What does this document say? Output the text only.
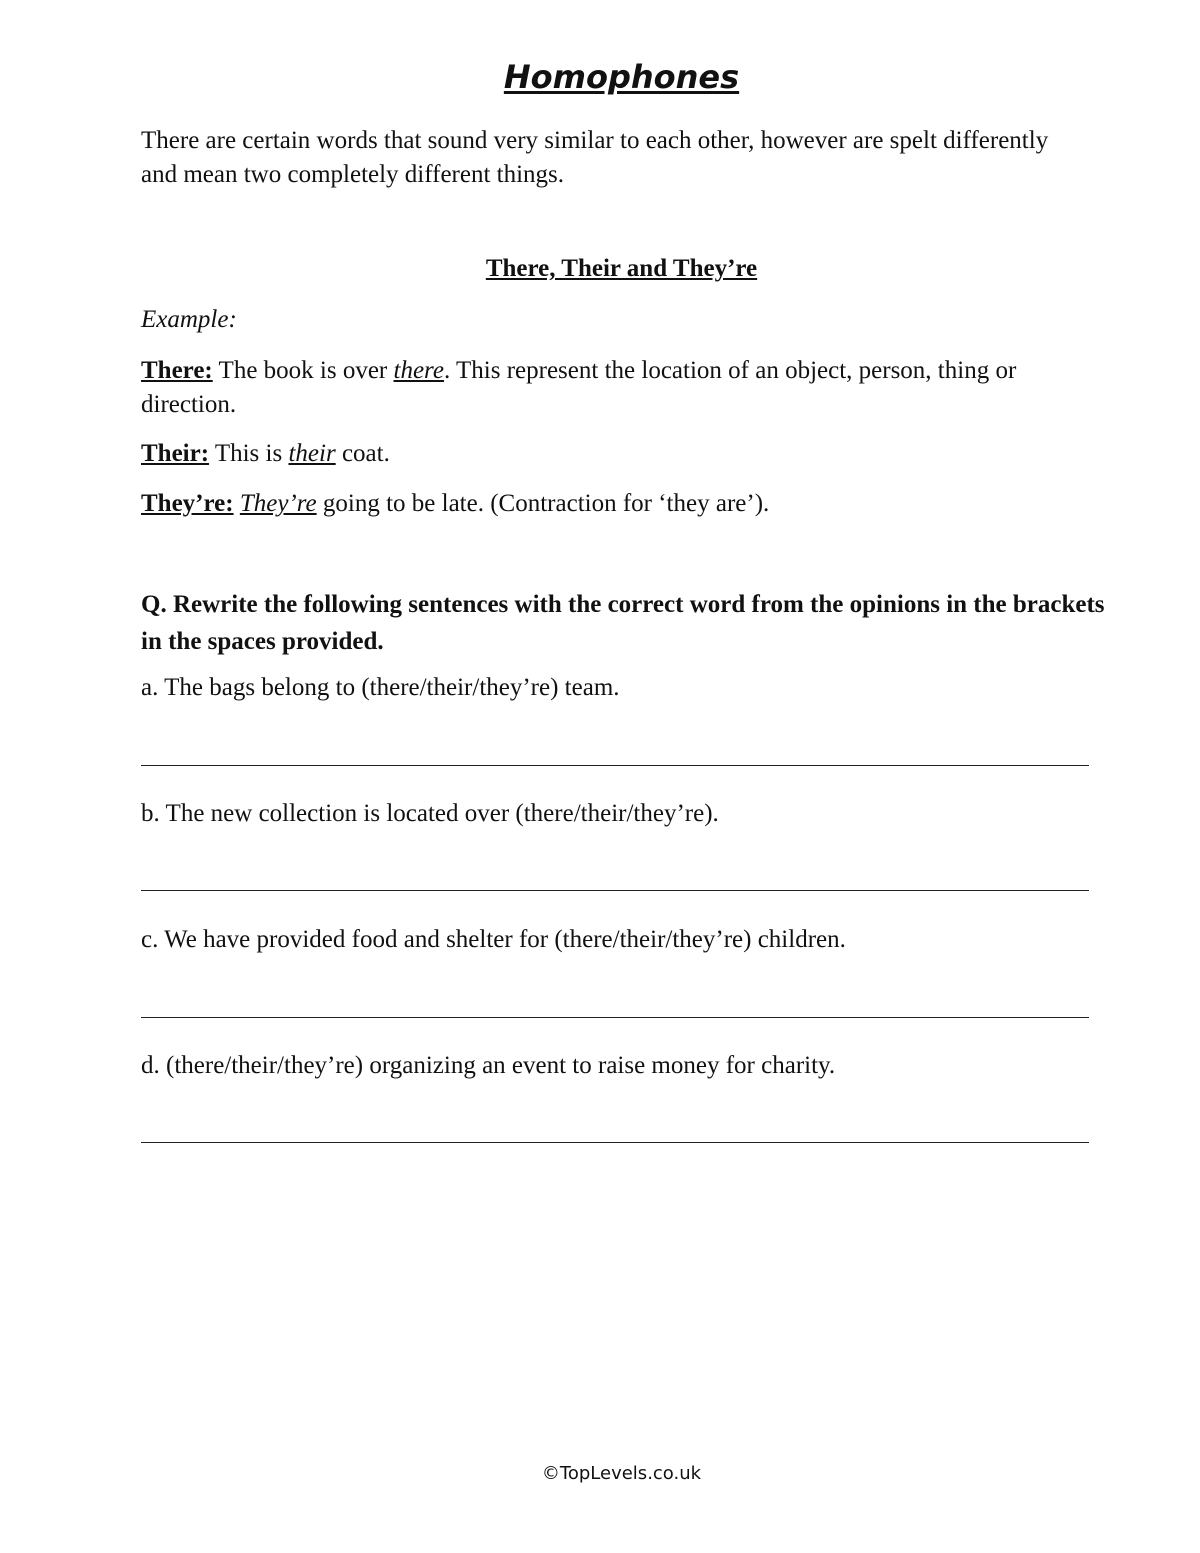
Homophones
There are certain words that sound very similar to each other, however are spelt differently and mean two completely different things.
There, Their and They’re
Example:
There: The book is over there. This represent the location of an object, person, thing or direction.
Their: This is their coat.
They’re: They’re going to be late. (Contraction for ‘they are’).
Q. Rewrite the following sentences with the correct word from the opinions in the brackets in the spaces provided.
a. The bags belong to (there/their/they’re) team.
b. The new collection is located over (there/their/they’re).
c. We have provided food and shelter for (there/their/they’re) children.
d. (there/their/they’re) organizing an event to raise money for charity.
©TopLevels.co.uk
